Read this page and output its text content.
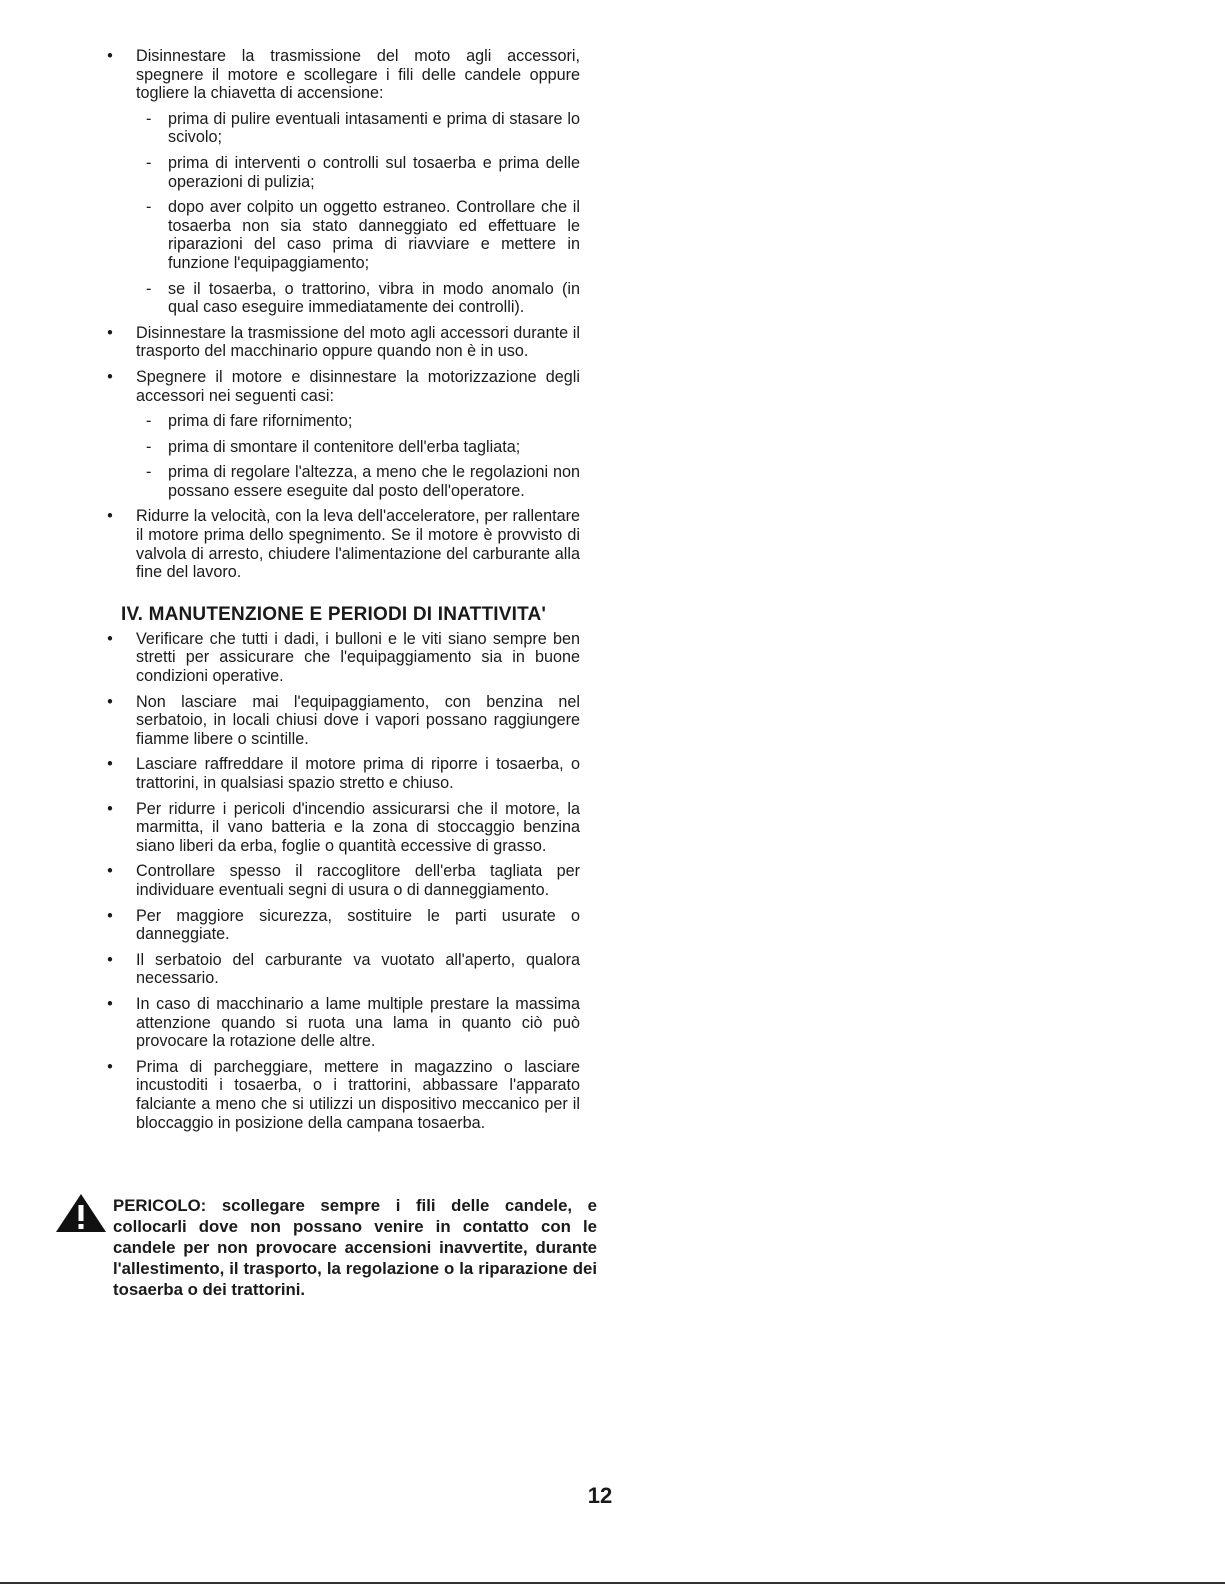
• Disinnestare la trasmissione del moto agli accessori, spegnere il motore e scollegare i fili delle candele oppure togliere la chiavetta di accensione:
- prima di pulire eventuali intasamenti e prima di stasare lo scivolo;
- prima di interventi o controlli sul tosaerba e prima delle operazioni di pulizia;
- dopo aver colpito un oggetto estraneo. Controllare che il tosaerba non sia stato danneggiato ed effettuare le riparazioni del caso prima di riavviare e mettere in funzione l'equipaggiamento;
- se il tosaerba, o trattorino, vibra in modo anomalo (in qual caso eseguire immediatamente dei controlli).
• Disinnestare la trasmissione del moto agli accessori durante il trasporto del macchinario oppure quando non è in uso.
• Spegnere il motore e disinnestare la motorizzazione degli accessori nei seguenti casi:
- prima di fare rifornimento;
- prima di smontare il contenitore dell'erba tagliata;
- prima di regolare l'altezza, a meno che le regolazioni non possano essere eseguite dal posto dell'operatore.
• Ridurre la velocità, con la leva dell'acceleratore, per rallentare il motore prima dello spegnimento. Se il motore è provvisto di valvola di arresto, chiudere l'alimentazione del carburante alla fine del lavoro.
IV. MANUTENZIONE E PERIODI DI INATTIVITA'
• Verificare che tutti i dadi, i bulloni e le viti siano sempre ben stretti per assicurare che l'equipaggiamento sia in buone condizioni operative.
• Non lasciare mai l'equipaggiamento, con benzina nel serbatoio, in locali chiusi dove i vapori possano raggiungere fiamme libere o scintille.
• Lasciare raffreddare il motore prima di riporre i tosaerba, o trattorini, in qualsiasi spazio stretto e chiuso.
• Per ridurre i pericoli d'incendio assicurarsi che il motore, la marmitta, il vano batteria e la zona di stoccaggio benzina siano liberi da erba, foglie o quantità eccessive di grasso.
• Controllare spesso il raccoglitore dell'erba tagliata per individuare eventuali segni di usura o di danneggiamento.
• Per maggiore sicurezza, sostituire le parti usurate o danneggiate.
• Il serbatoio del carburante va vuotato all'aperto, qualora necessario.
• In caso di macchinario a lame multiple prestare la massima attenzione quando si ruota una lama in quanto ciò può provocare la rotazione delle altre.
• Prima di parcheggiare, mettere in magazzino o lasciare incustoditi i tosaerba, o i trattorini, abbassare l'apparato falciante a meno che si utilizzi un dispositivo meccanico per il bloccaggio in posizione della campana tosaerba.
PERICOLO: scollegare sempre i fili delle candele, e collocarli dove non possano venire in contatto con le candele per non provocare accensioni inavvertite, durante l'allestimento, il trasporto, la regolazione o la riparazione dei tosaerba o dei trattorini.
12
